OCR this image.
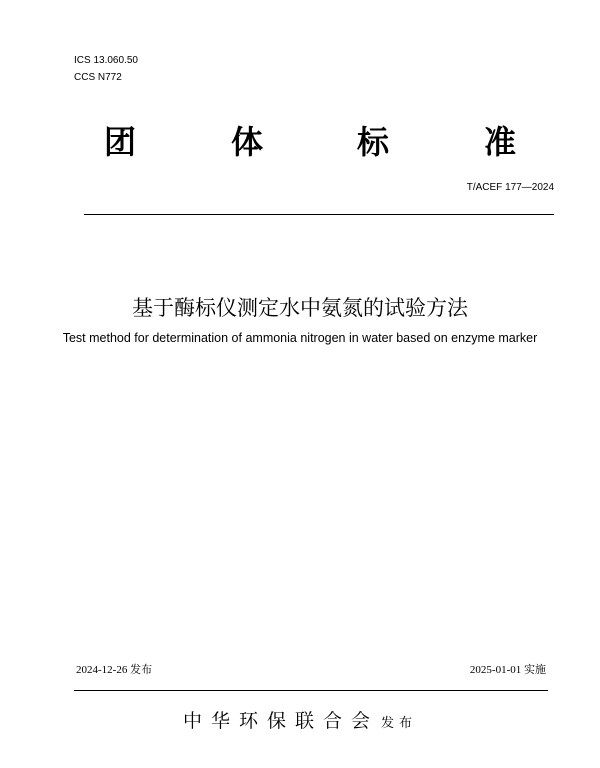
ICS 13.060.50
CCS N772
团	体	标	准
T/ACEF 177—2024
基于酶标仪测定水中氨氮的试验方法
Test method for determination of ammonia nitrogen in water based on enzyme marker
2024-12-26 发布	2025-01-01 实施
中华环保联合会 发布
